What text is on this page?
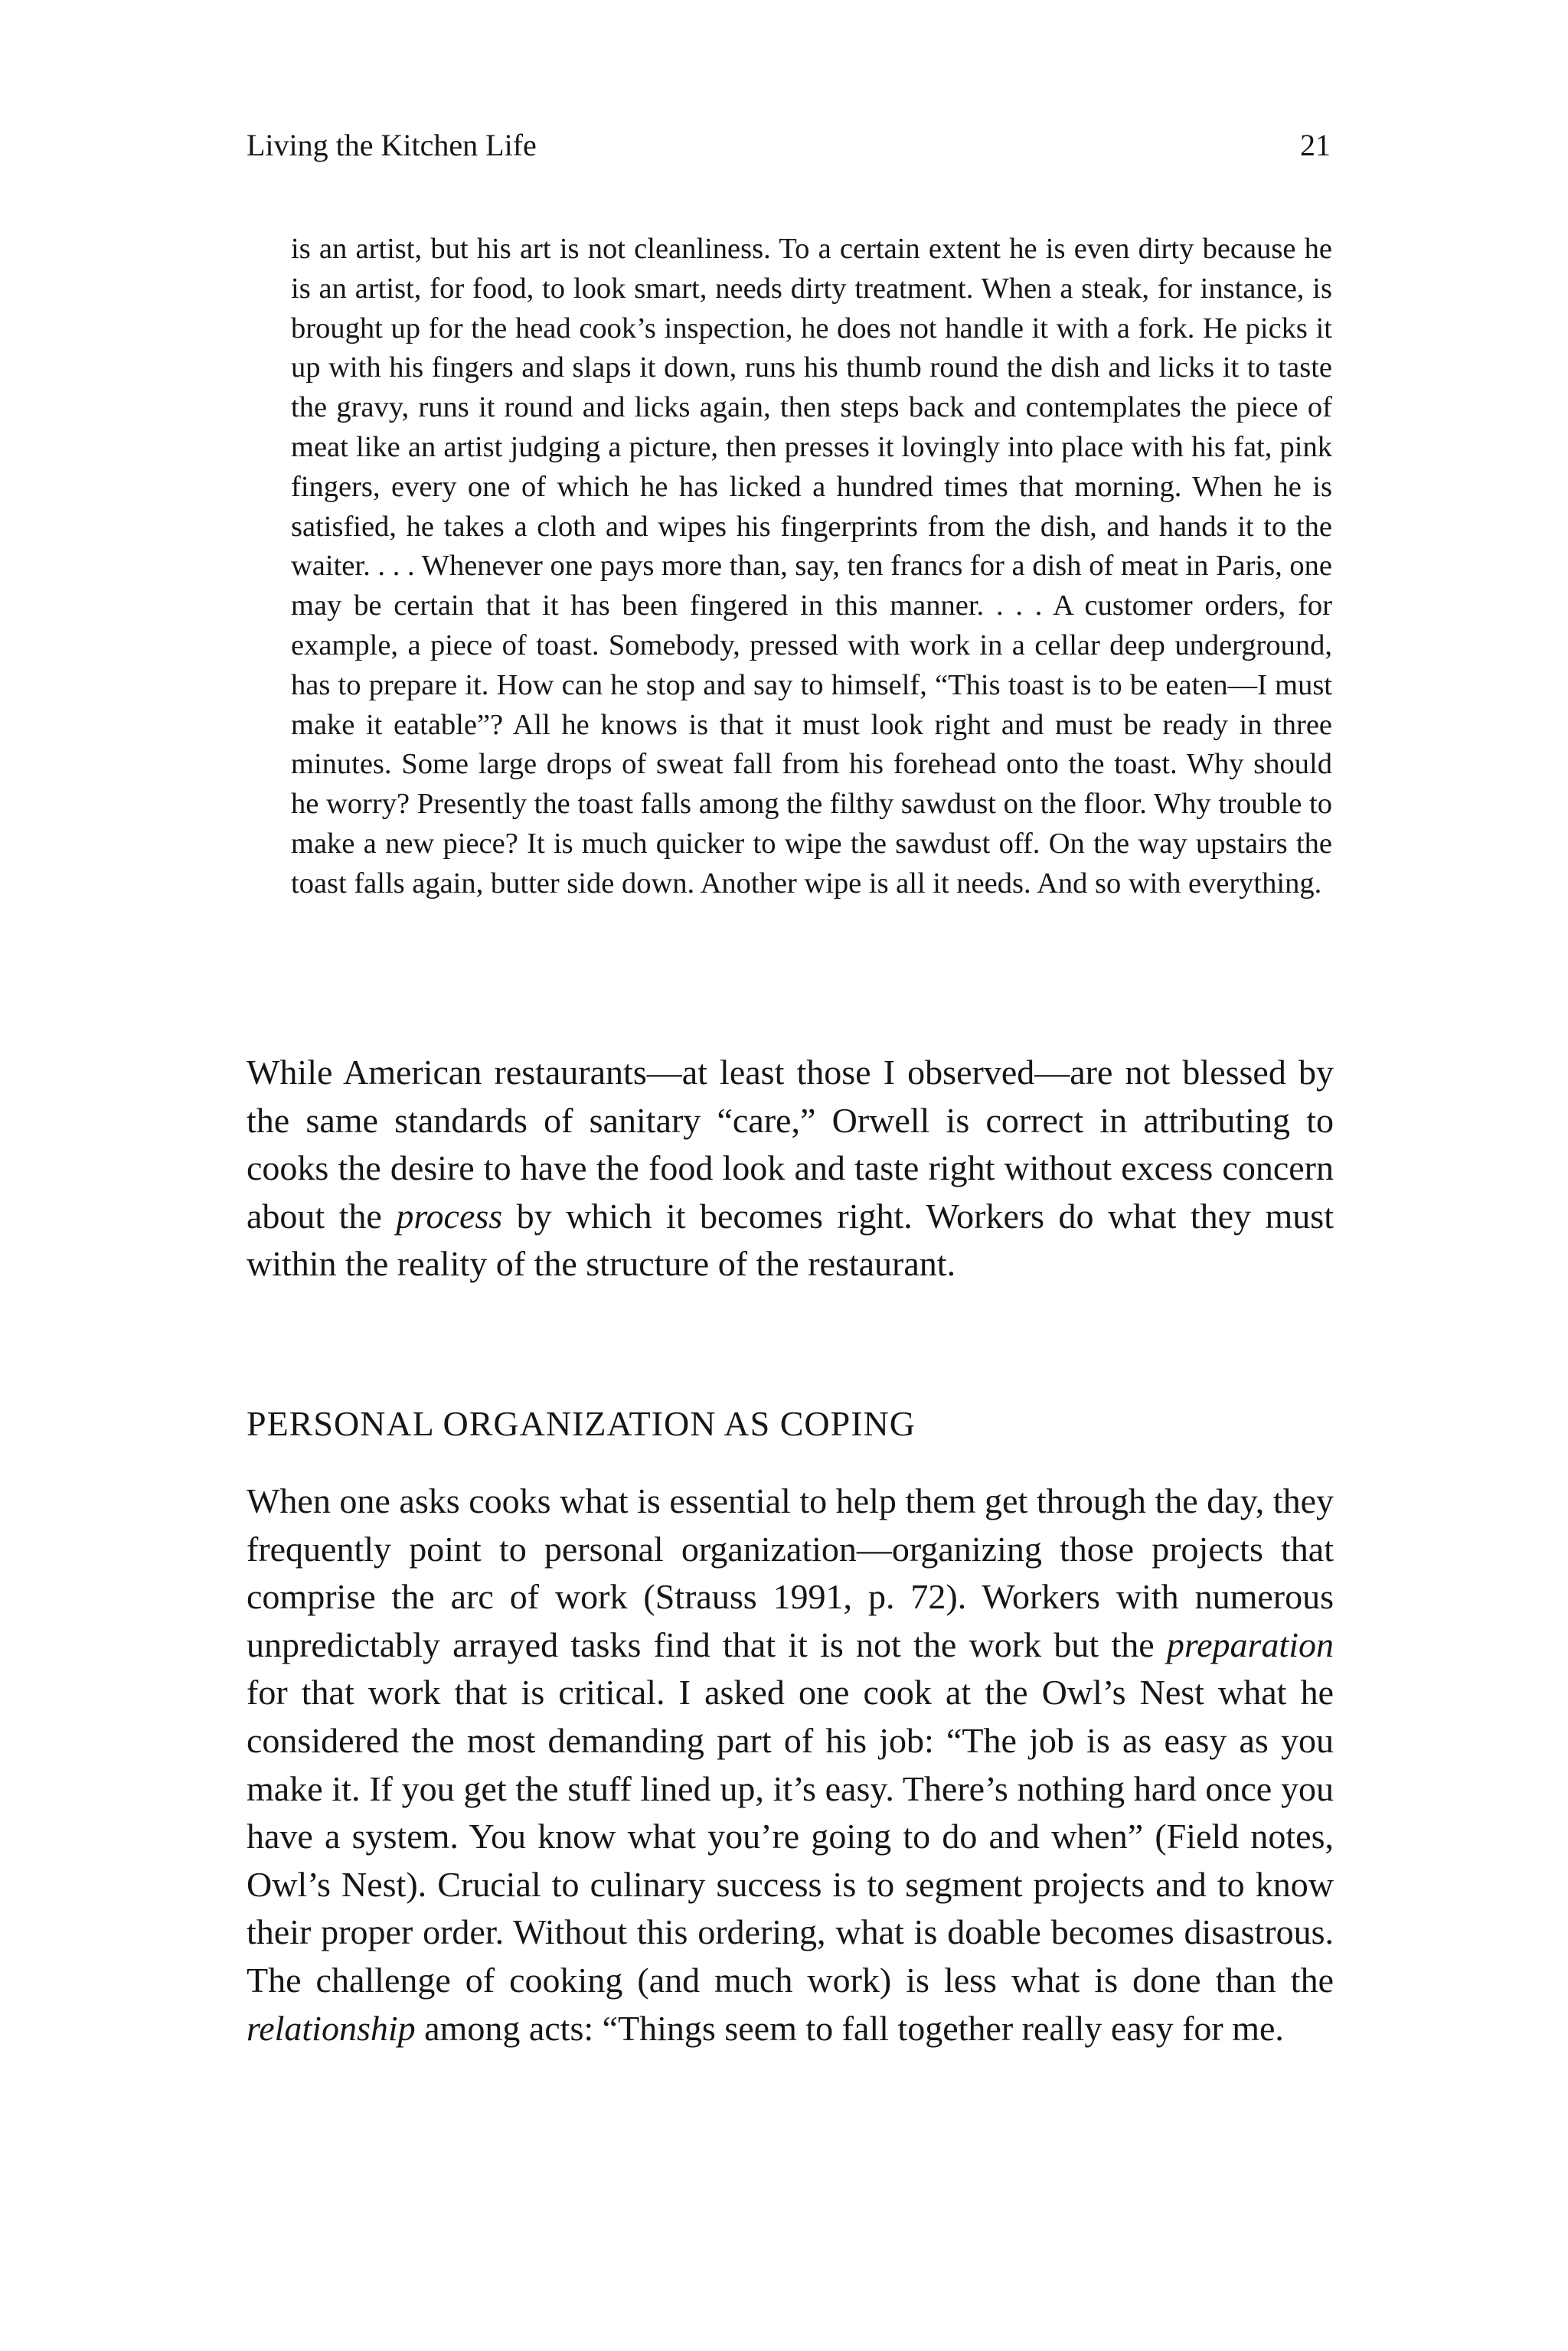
Living the Kitchen Life	21

is an artist, but his art is not cleanliness. To a certain extent he is even dirty because he is an artist, for food, to look smart, needs dirty treatment. When a steak, for instance, is brought up for the head cook’s inspection, he does not handle it with a fork. He picks it up with his fingers and slaps it down, runs his thumb round the dish and licks it to taste the gravy, runs it round and licks again, then steps back and contemplates the piece of meat like an artist judging a picture, then presses it lovingly into place with his fat, pink fingers, every one of which he has licked a hundred times that morning. When he is satisfied, he takes a cloth and wipes his fingerprints from the dish, and hands it to the waiter. . . . Whenever one pays more than, say, ten francs for a dish of meat in Paris, one may be certain that it has been fingered in this manner. . . . A customer orders, for example, a piece of toast. Somebody, pressed with work in a cellar deep underground, has to prepare it. How can he stop and say to himself, “This toast is to be eaten—I must make it eatable”? All he knows is that it must look right and must be ready in three minutes. Some large drops of sweat fall from his forehead onto the toast. Why should he worry? Presently the toast falls among the filthy sawdust on the floor. Why trouble to make a new piece? It is much quicker to wipe the sawdust off. On the way upstairs the toast falls again, butter side down. Another wipe is all it needs. And so with everything.

While American restaurants—at least those I observed—are not blessed by the same standards of sanitary “care,” Orwell is correct in attributing to cooks the desire to have the food look and taste right without excess concern about the process by which it becomes right. Workers do what they must within the reality of the structure of the restaurant.

PERSONAL ORGANIZATION AS COPING

When one asks cooks what is essential to help them get through the day, they frequently point to personal organization—organizing those projects that comprise the arc of work (Strauss 1991, p. 72). Workers with numerous unpredictably arrayed tasks find that it is not the work but the preparation for that work that is critical. I asked one cook at the Owl’s Nest what he considered the most demanding part of his job: “The job is as easy as you make it. If you get the stuff lined up, it’s easy. There’s nothing hard once you have a system. You know what you’re going to do and when” (Field notes, Owl’s Nest). Crucial to culinary success is to segment projects and to know their proper order. Without this ordering, what is doable becomes disastrous. The challenge of cooking (and much work) is less what is done than the relationship among acts: “Things seem to fall together really easy for me.
